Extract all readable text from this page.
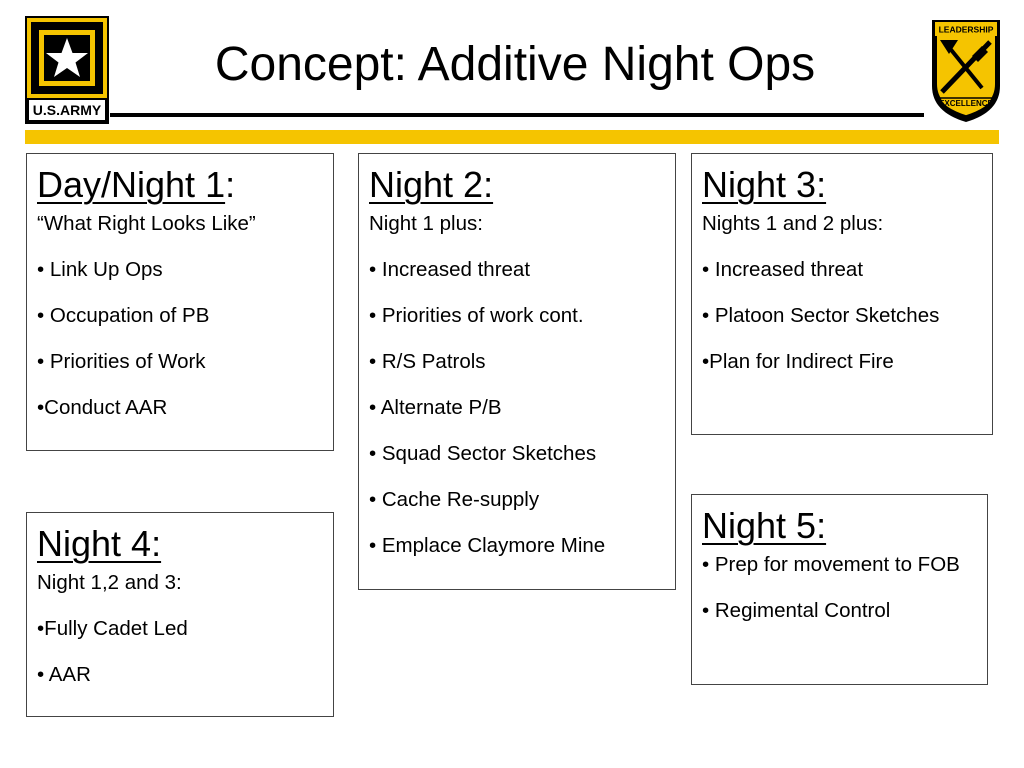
U.S.ARMY
LEADERSHIP
EXCELLENCE
Concept: Additive Night Ops
Day/Night 1:
“What Right Looks Like”
• Link Up Ops
• Occupation of PB
• Priorities of Work
•Conduct AAR
Night 2:
Night 1 plus:
• Increased threat
• Priorities of work cont.
• R/S Patrols
• Alternate P/B
• Squad Sector Sketches
• Cache Re-supply
• Emplace Claymore Mine
Night 3:
Nights 1 and 2 plus:
• Increased threat
• Platoon Sector Sketches
•Plan for Indirect Fire
Night 4:
Night 1,2 and 3:
•Fully Cadet Led
• AAR
Night 5:
• Prep for movement to FOB
• Regimental Control
